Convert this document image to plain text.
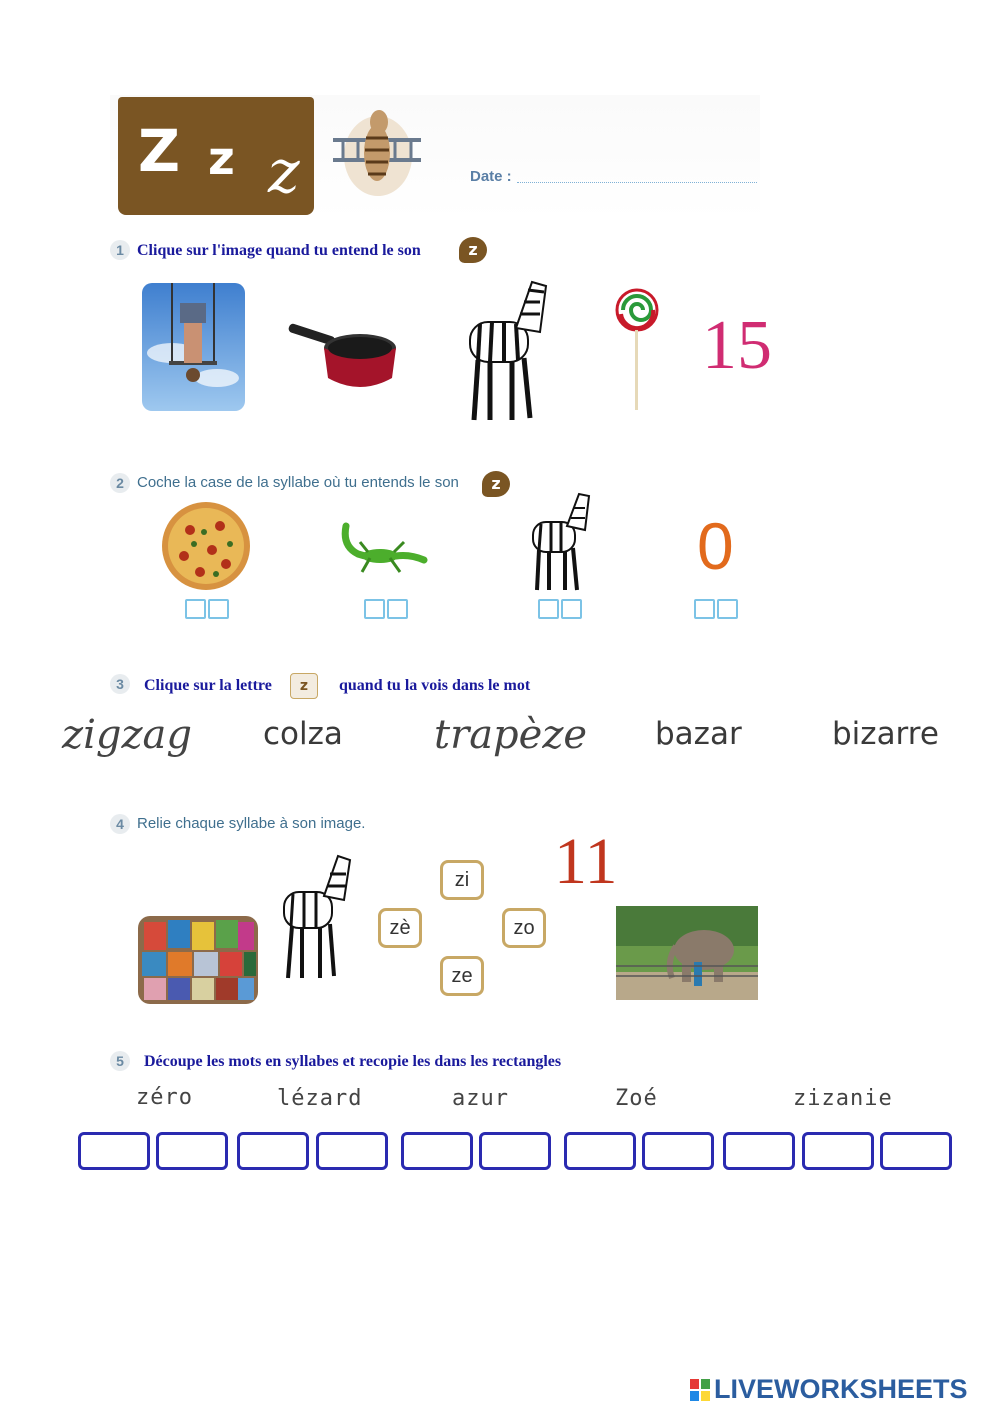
Z z z	Date :
1 Clique sur l'image quand tu entend le son	z
15
2 Coche la case de la syllabe où tu entends le son	z
0
3	Clique sur la lettre	z	quand tu la vois dans le mot
zigzag colza trapèze bazar	bizarre
4 Relie chaque syllabe à son image.
zi
zè	zo
ze
11
5	Découpe les mots en syllabes et recopie les dans les rectangles
zéro	lézard	azur	Zoé	zizanie
LIVEWORKSHEETS
